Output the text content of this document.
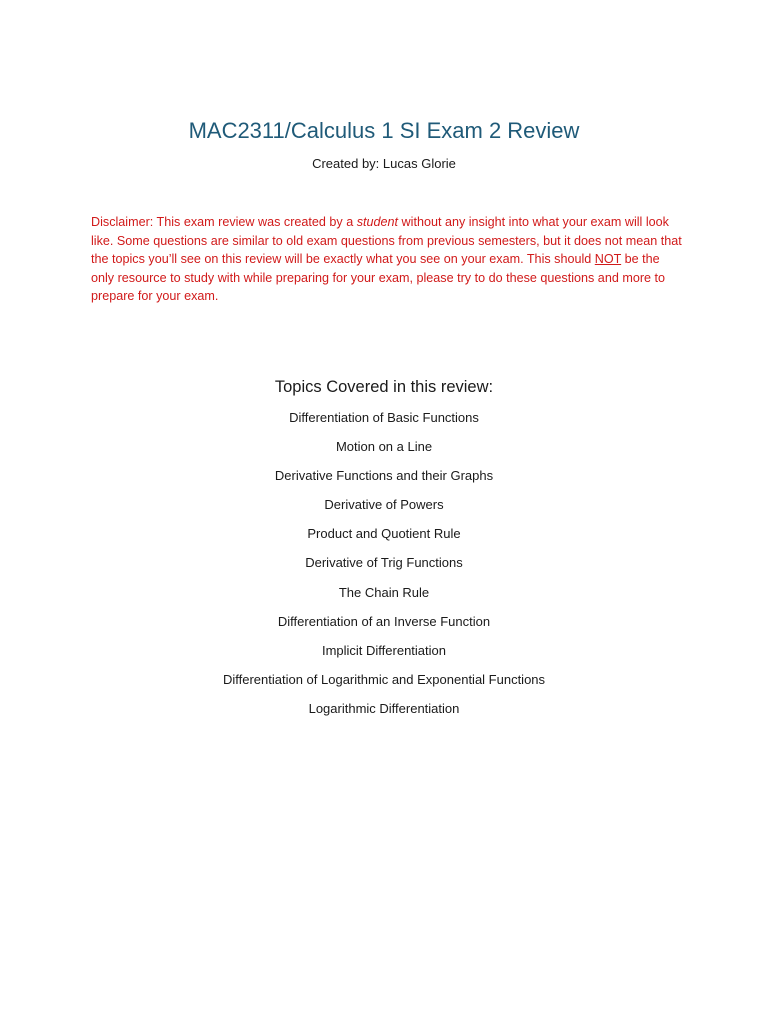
MAC2311/Calculus 1 SI Exam 2 Review

Created by: Lucas Glorie

Disclaimer: This exam review was created by a student without any insight into what your exam will look like. Some questions are similar to old exam questions from previous semesters, but it does not mean that the topics you’ll see on this review will be exactly what you see on your exam. This should NOT be the only resource to study with while preparing for your exam, please try to do these questions and more to prepare for your exam.

Topics Covered in this review:
Differentiation of Basic Functions
Motion on a Line
Derivative Functions and their Graphs
Derivative of Powers
Product and Quotient Rule
Derivative of Trig Functions
The Chain Rule
Differentiation of an Inverse Function
Implicit Differentiation
Differentiation of Logarithmic and Exponential Functions
Logarithmic Differentiation
